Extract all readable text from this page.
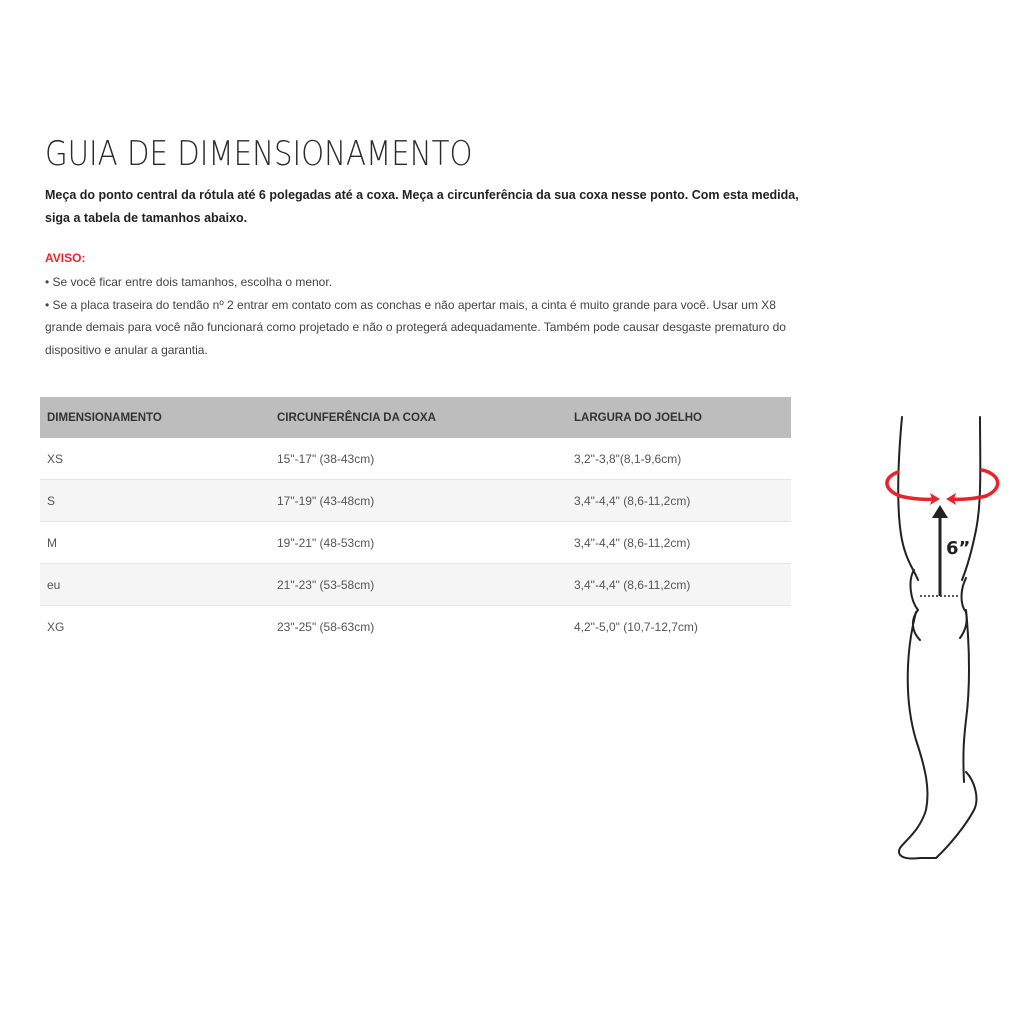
GUIA DE DIMENSIONAMENTO

Meça do ponto central da rótula até 6 polegadas até a coxa. Meça a circunferência da sua coxa nesse ponto. Com esta medida, siga a tabela de tamanhos abaixo.

AVISO:

• Se você ficar entre dois tamanhos, escolha o menor.
• Se a placa traseira do tendão nº 2 entrar em contato com as conchas e não apertar mais, a cinta é muito grande para você. Usar um X8 grande demais para você não funcionará como projetado e não o protegerá adequadamente. Também pode causar desgaste prematuro do dispositivo e anular a garantia.
DIMENSIONAMENTO	CIRCUNFERÊNCIA DA COXA	LARGURA DO JOELHO
XS	15"-17" (38-43cm)	3,2"-3,8"(8,1-9,6cm)
S	17"-19" (43-48cm)	3,4"-4,4" (8,6-11,2cm)
M	19"-21" (48-53cm)	3,4"-4,4" (8,6-11,2cm)
eu	21"-23" (53-58cm)	3,4"-4,4" (8,6-11,2cm)
XG	23"-25" (58-63cm)	4,2"-5,0" (10,7-12,7cm)
6”
